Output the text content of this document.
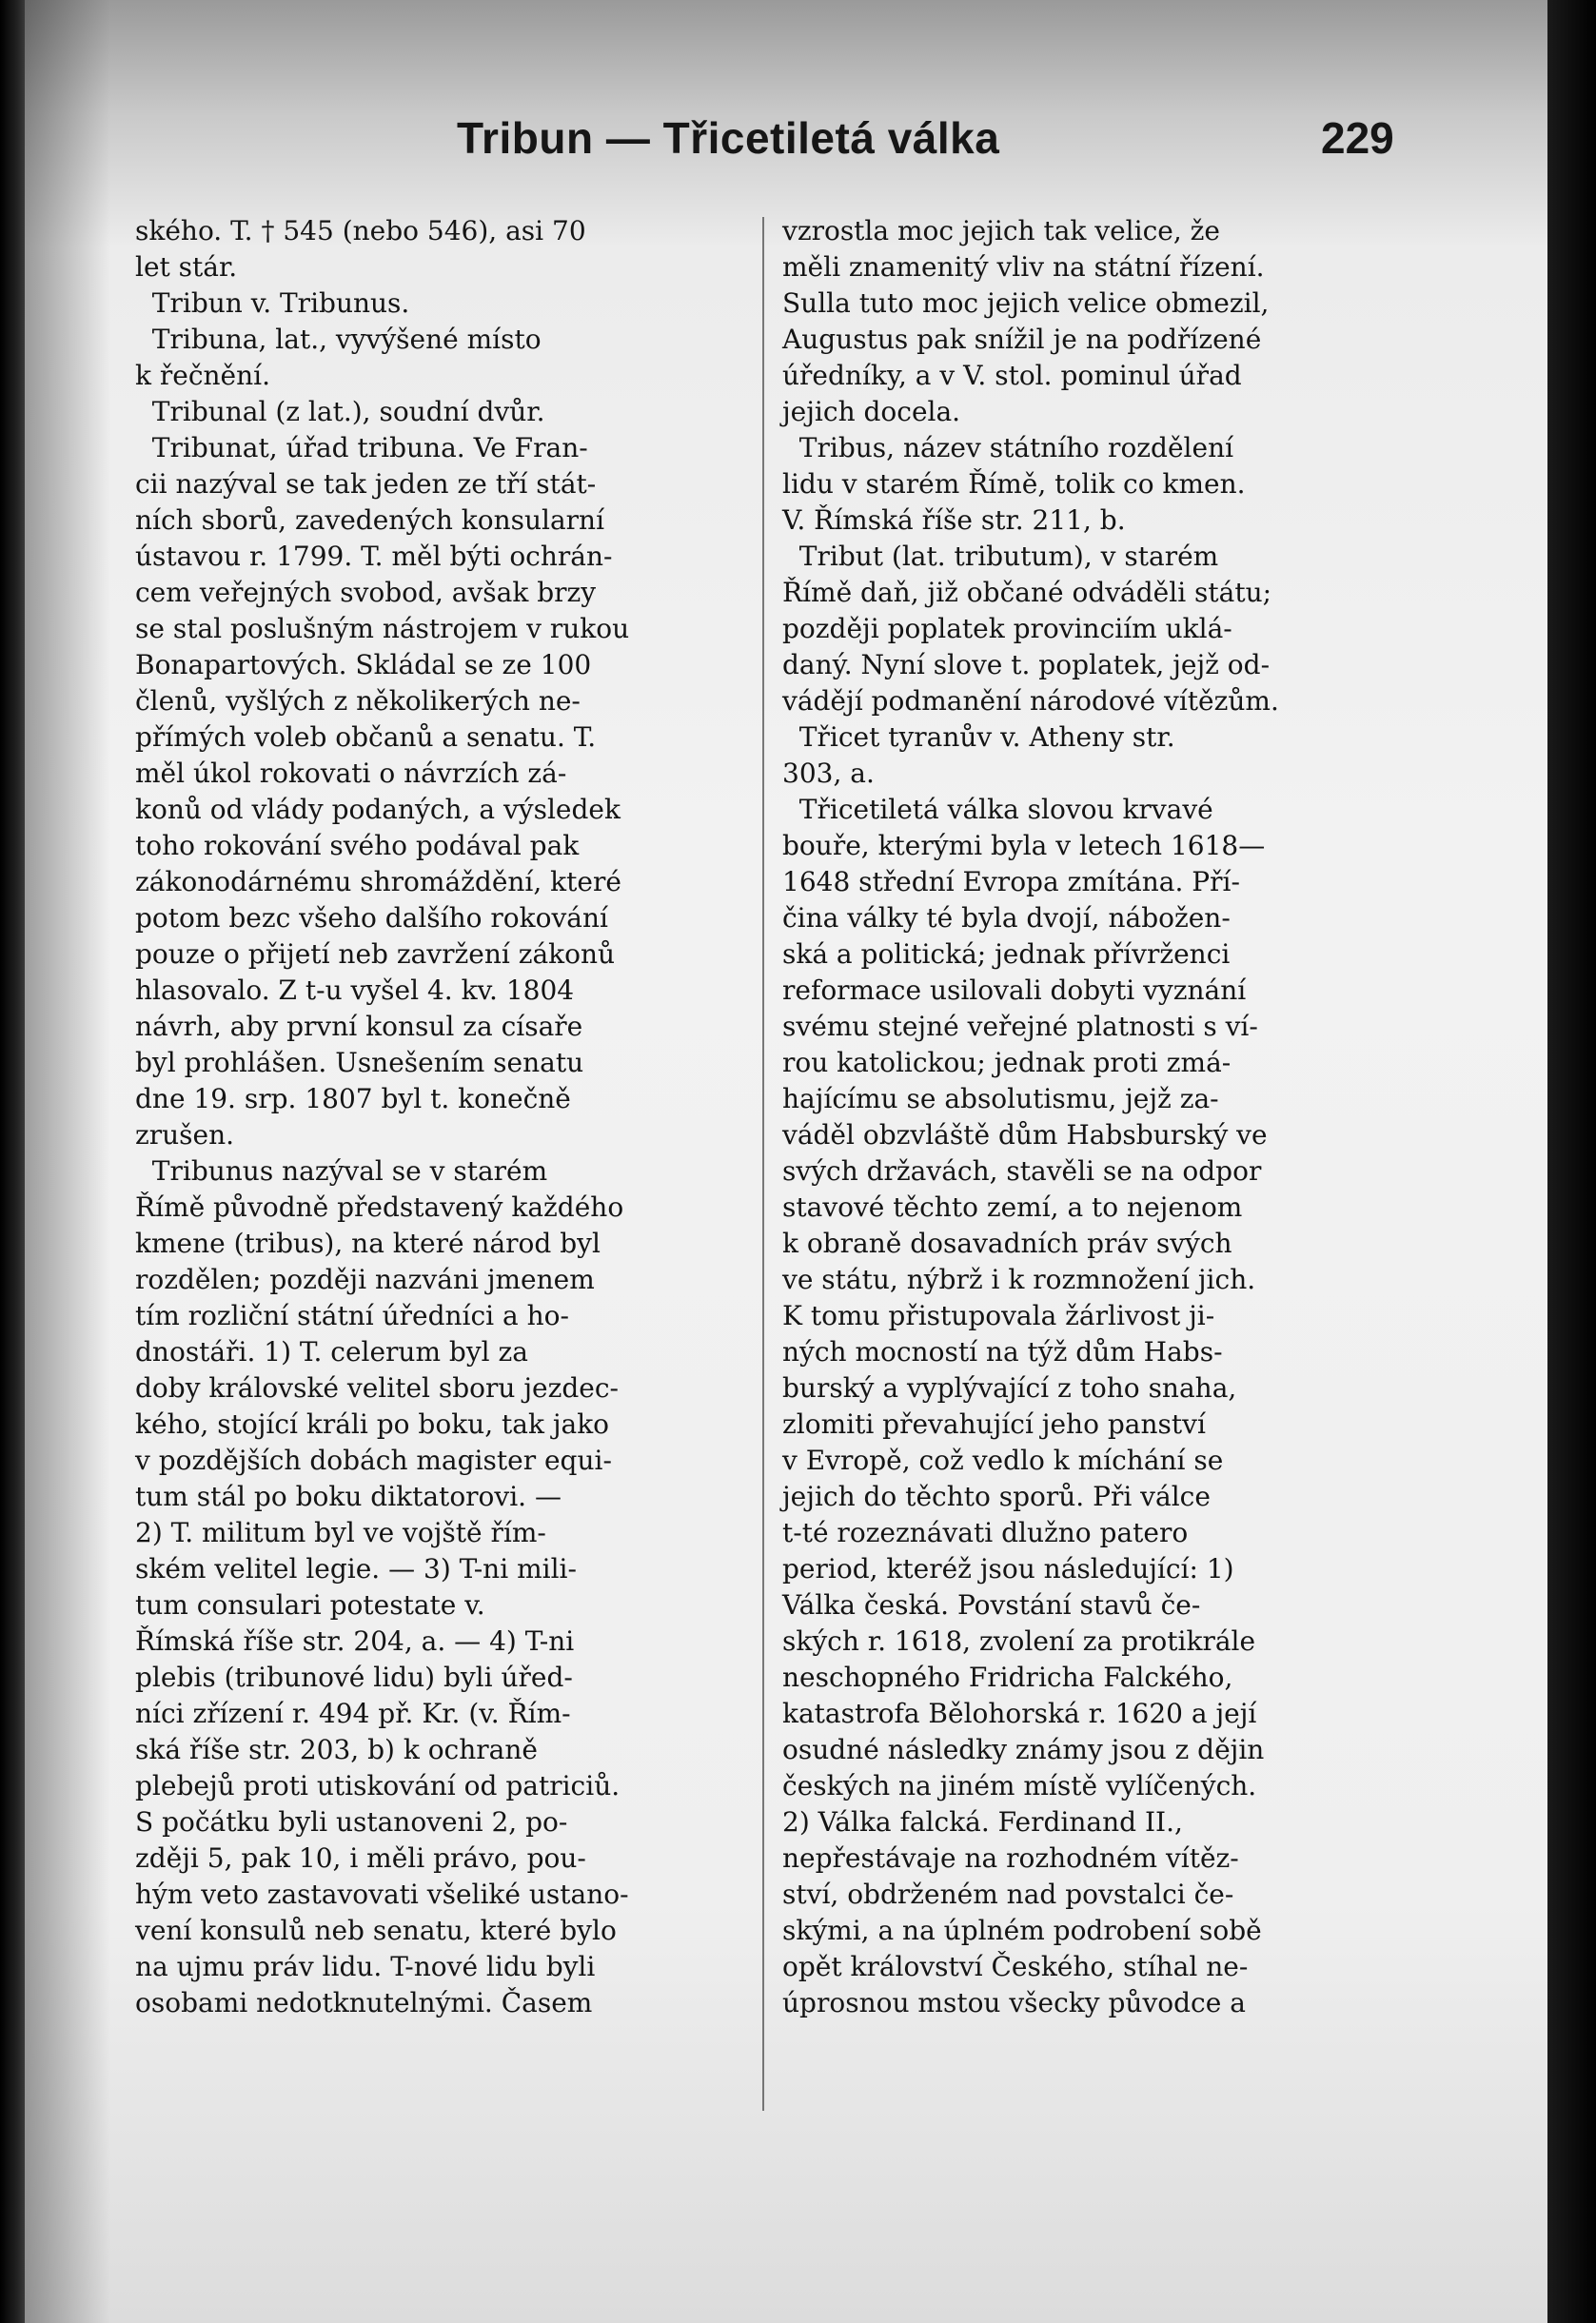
Tribun — Třicetiletá válka	229
ského. T. † 545 (nebo 546), asi 70
let stár.
Tribun v. Tribunus.
Tribuna, lat., vyvýšené místo
k řečnění.
Tribunal (z lat.), soudní dvůr.
Tribunat, úřad tribuna. Ve Fran-
cii nazýval se tak jeden ze tří stát-
ních sborů, zavedených konsularní
ústavou r. 1799. T. měl býti ochrán-
cem veřejných svobod, avšak brzy
se stal poslušným nástrojem v rukou
Bonapartových. Skládal se ze 100
členů, vyšlých z několikerých ne-
přímých voleb občanů a senatu. T.
měl úkol rokovati o návrzích zá-
konů od vlády podaných, a výsledek
toho rokování svého podával pak
zákonodárnému shromáždění, které
potom bezc všeho dalšího rokování
pouze o přijetí neb zavržení zákonů
hlasovalo. Z t-u vyšel 4. kv. 1804
návrh, aby první konsul za císaře
byl prohlášen. Usnešením senatu
dne 19. srp. 1807 byl t. konečně
zrušen.
Tribunus nazýval se v starém
Římě původně představený každého
kmene (tribus), na které národ byl
rozdělen; později nazváni jmenem
tím rozliční státní úředníci a ho-
dnostáři. 1) T. celerum byl za
doby královské velitel sboru jezdec-
kého, stojící králi po boku, tak jako
v pozdějších dobách magister equi-
tum stál po boku diktatorovi. —
2) T. militum byl ve vojště řím-
ském velitel legie. — 3) T-ni mili-
tum consulari potestate v.
Římská říše str. 204, a. — 4) T-ni
plebis (tribunové lidu) byli úřed-
níci zřízení r. 494 př. Kr. (v. Řím-
ská říše str. 203, b) k ochraně
plebejů proti utiskování od patriciů.
S počátku byli ustanoveni 2, po-
zději 5, pak 10, i měli právo, pou-
hým veto zastavovati všeliké ustano-
vení konsulů neb senatu, které bylo
na ujmu práv lidu. T-nové lidu byli
osobami nedotknutelnými. Časem
vzrostla moc jejich tak velice, že
měli znamenitý vliv na státní řízení.
Sulla tuto moc jejich velice obmezil,
Augustus pak snížil je na podřízené
úředníky, a v V. stol. pominul úřad
jejich docela.
Tribus, název státního rozdělení
lidu v starém Římě, tolik co kmen.
V. Římská říše str. 211, b.
Tribut (lat. tributum), v starém
Římě daň, již občané odváděli státu;
později poplatek provinciím uklá-
daný. Nyní slove t. poplatek, jejž od-
vádějí podmanění národové vítězům.
Třicet tyranův v. Atheny str.
303, a.
Třicetiletá válka slovou krvavé
bouře, kterými byla v letech 1618—
1648 střední Evropa zmítána. Pří-
čina války té byla dvojí, nábožen-
ská a politická; jednak přívrženci
reformace usilovali dobyti vyznání
svému stejné veřejné platnosti s ví-
rou katolickou; jednak proti zmá-
hajícímu se absolutismu, jejž za-
váděl obzvláště dům Habsburský ve
svých državách, stavěli se na odpor
stavové těchto zemí, a to nejenom
k obraně dosavadních práv svých
ve státu, nýbrž i k rozmnožení jich.
K tomu přistupovala žárlivost ji-
ných mocností na týž dům Habs-
burský a vyplývající z toho snaha,
zlomiti převahující jeho panství
v Evropě, což vedlo k míchání se
jejich do těchto sporů. Při válce
t-té rozeznávati dlužno patero
period, kteréž jsou následující: 1)
Válka česká. Povstání stavů če-
ských r. 1618, zvolení za protikrále
neschopného Fridricha Falckého,
katastrofa Bělohorská r. 1620 a její
osudné následky známy jsou z dějin
českých na jiném místě vylíčených.
2) Válka falcká. Ferdinand II.,
nepřestávaje na rozhodném vítěz-
ství, obdrženém nad povstalci če-
skými, a na úplném podrobení sobě
opět království Českého, stíhal ne-
úprosnou mstou všecky původce a
